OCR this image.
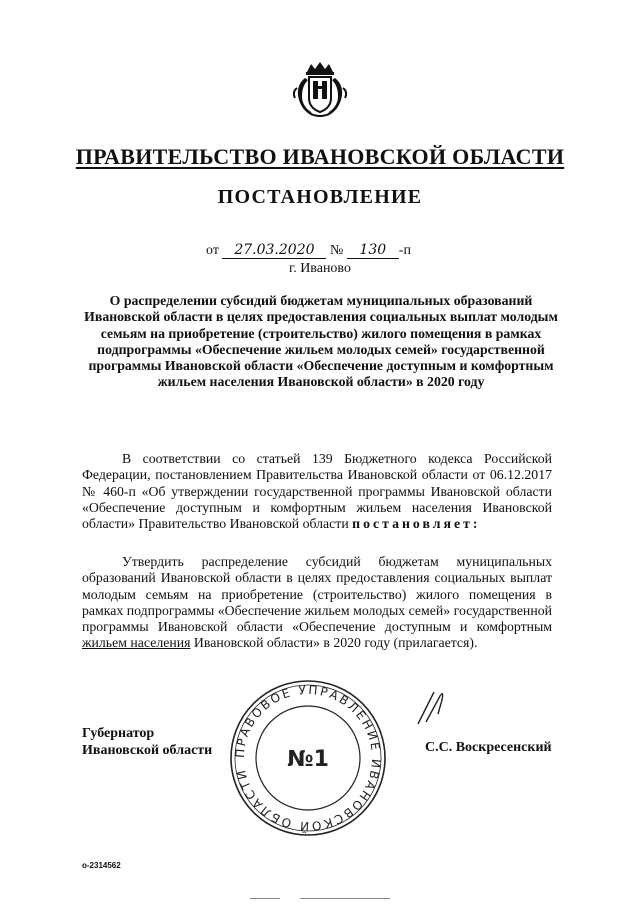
ПРАВИТЕЛЬСТВО ИВАНОВСКОЙ ОБЛАСТИ
ПОСТАНОВЛЕНИЕ
от 27.03.2020 № 130 -п
г. Иваново
О распределении субсидий бюджетам муниципальных образований Ивановской области в целях предоставления социальных выплат молодым семьям на приобретение (строительство) жилого помещения в рамках подпрограммы «Обеспечение жильем молодых семей» государственной программы Ивановской области «Обеспечение доступным и комфортным жильем населения Ивановской области» в 2020 году
В соответствии со статьей 139 Бюджетного кодекса Российской Федерации, постановлением Правительства Ивановской области от 06.12.2017 № 460-п «Об утверждении государственной программы Ивановской области «Обеспечение доступным и комфортным жильем населения Ивановской области» Правительство Ивановской области постановляет:
Утвердить распределение субсидий бюджетам муниципальных образований Ивановской области в целях предоставления социальных выплат молодым семьям на приобретение (строительство) жилого помещения в рамках подпрограммы «Обеспечение жильем молодых семей» государственной программы Ивановской области «Обеспечение доступным и комфортным жильем населения Ивановской области» в 2020 году (прилагается).
ПРАВОВОЕ УПРАВЛЕНИЕ ИВАНОВСКОЙ ОБЛАСТИ
№1
Губернатор
Ивановской области	С.С. Воскресенский
о-2314562
